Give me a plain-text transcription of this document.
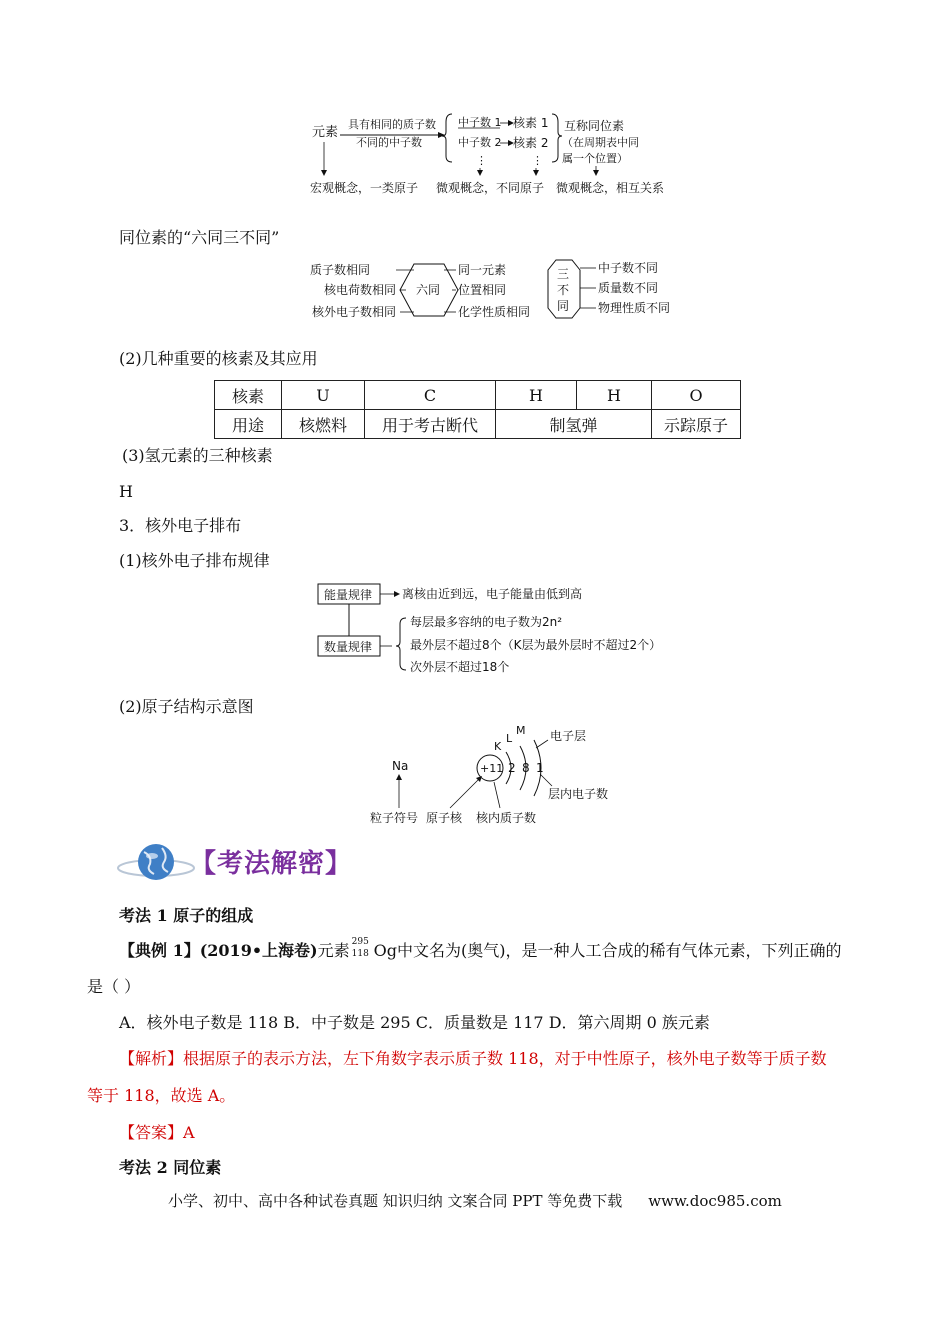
元素
具有相同的质子数
不同的中子数
中子数 1 核素 1
中子数 2 核素 2
⋮	⋮
互称同位素
（在周期表中同
属一个位置）
宏观概念，一类原子 微观概念，不同原子 微观概念，相互关系
同位素的“六同三不同”
六同
质子数相同
核电荷数相同
核外电子数相同
同一元素
位置相同
化学性质相同
三
不
同
中子数不同
质量数不同
物理性质不同
(2)几种重要的核素及其应用
核素	U	C	H	H	O
用途	核燃料	用于考古断代	制氢弹		示踪原子
(3)氢元素的三种核素
H
3．核外电子排布
(1)核外电子排布规律
能量规律 离核由近到远，电子能量由低到高
数量规律
每层最多容纳的电子数为2n²
最外层不超过8个（K层为最外层时不超过2个）
次外层不超过18个
(2)原子结构示意图
Na	+11 2 8 1
K
L
M 电子层
层内电子数
粒子符号 原子核 核内质子数
【考法解密】
考法 1 原子的组成
【典例 1】(2019•上海卷)元素 295
118 Og中文名为(奥气)，是一种人工合成的稀有气体元素，下列正确的
是（ ）
A．核外电子数是 118 B．中子数是 295 C．质量数是 117 D．第六周期 0 族元素
【解析】根据原子的表示方法，左下角数字表示质子数 118，对于中性原子，核外电子数等于质子数
等于 118，故选 A。
【答案】A
考法 2 同位素
小学、初中、高中各种试卷真题 知识归纳 文案合同 PPT 等免费下载 www.doc985.com
